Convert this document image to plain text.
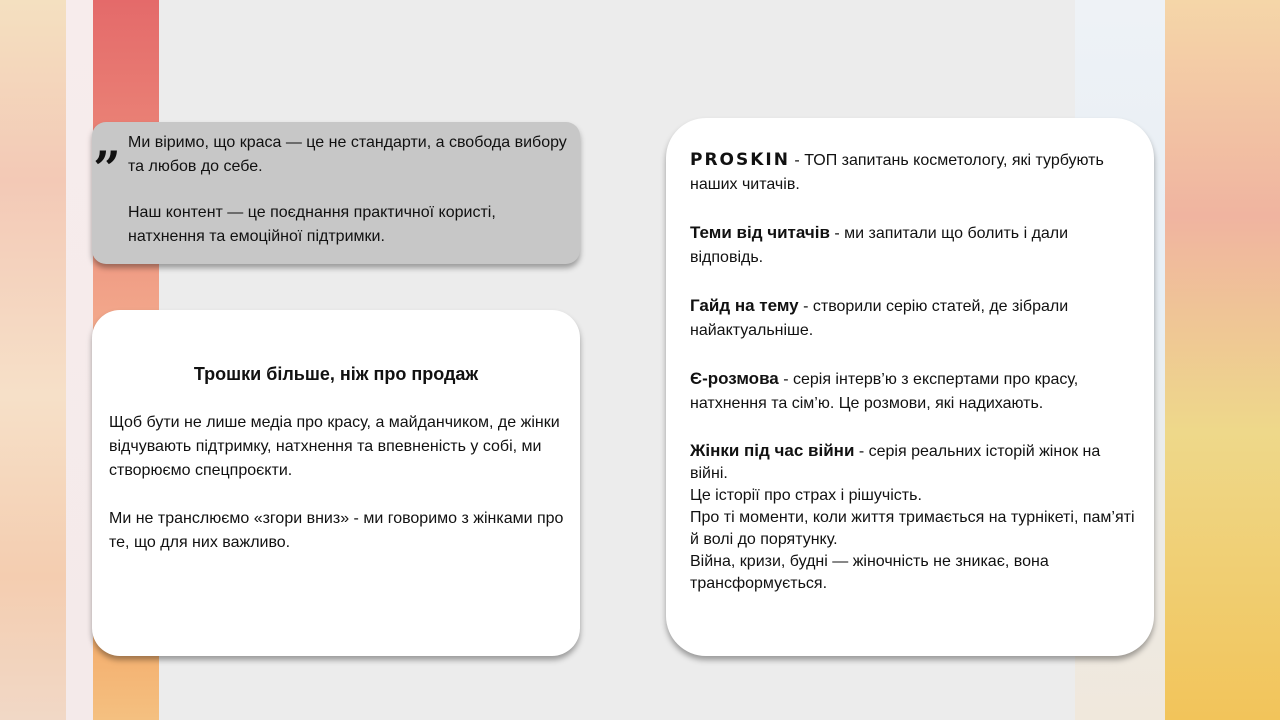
„ Ми віримо, що краса — це не стандарти, а свобода вибору та любов до себе.

Наш контент — це поєднання практичної користі, натхнення та емоційної підтримки.

Трошки більше, ніж про продаж

Щоб бути не лише медіа про красу, а майданчиком, де жінки відчувають підтримку, натхнення та впевненість у собі, ми створюємо спецпроєкти.

Ми не транслюємо «згори вниз» - ми говоримо з жінками про те, що для них важливо.

PROSKIN - ТОП запитань косметологу, які турбують наших читачів.

Теми від читачів - ми запитали що болить і дали відповідь.

Гайд на тему - створили серію статей, де зібрали найактуальніше.

Є-розмова - серія інтерв’ю з експертами про красу, натхнення та сім’ю. Це розмови, які надихають.

Жінки під час війни - серія реальних історій жінок на війні.

Це історії про страх і рішучість.
Про ті моменти, коли життя тримається на турнікеті, пам’яті й волі до порятунку.
Війна, кризи, будні — жіночність не зникає, вона трансформується.
